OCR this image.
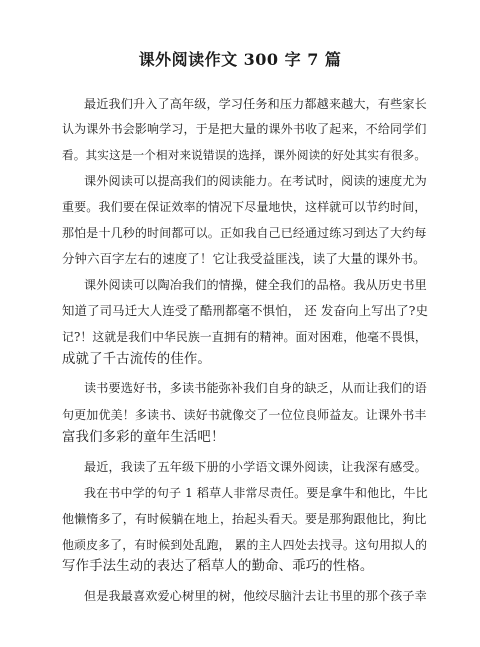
课外阅读作文 300 字 7 篇
最近我们升入了高年级，学习任务和压力都越来越大，有些家长
认为课外书会影响学习，于是把大量的课外书收了起来，不给同学们
看。其实这是一个相对来说错误的选择，课外阅读的好处其实有很多。
课外阅读可以提高我们的阅读能力。在考试时，阅读的速度尤为
重要。我们要在保证效率的情况下尽量地快，这样就可以节约时间，
那怕是十几秒的时间都可以。正如我自己已经通过练习到达了大约每
分钟六百字左右的速度了！它让我受益匪浅，读了大量的课外书。
课外阅读可以陶冶我们的情操，健全我们的品格。我从历史书里
知道了司马迁大人连受了酷刑都毫不惧怕， 还 发奋向上写出了?史
记?！这就是我们中华民族一直拥有的精神。面对困难，他毫不畏惧，
成就了千古流传的佳作。
读书要选好书，多读书能弥补我们自身的缺乏，从而让我们的语
句更加优美！多读书、读好书就像交了一位位良师益友。让课外书丰
富我们多彩的童年生活吧！
最近，我读了五年级下册的小学语文课外阅读，让我深有感受。
我在书中学的句子 1 稻草人非常尽责任。要是拿牛和他比，牛比
他懒惰多了，有时候躺在地上，抬起头看天。要是那狗跟他比，狗比
他顽皮多了，有时候到处乱跑， 累的主人四处去找寻。这句用拟人的
写作手法生动的表达了稻草人的勤命、乖巧的性格。
但是我最喜欢爱心树里的树，他绞尽脑汁去让书里的那个孩子幸
